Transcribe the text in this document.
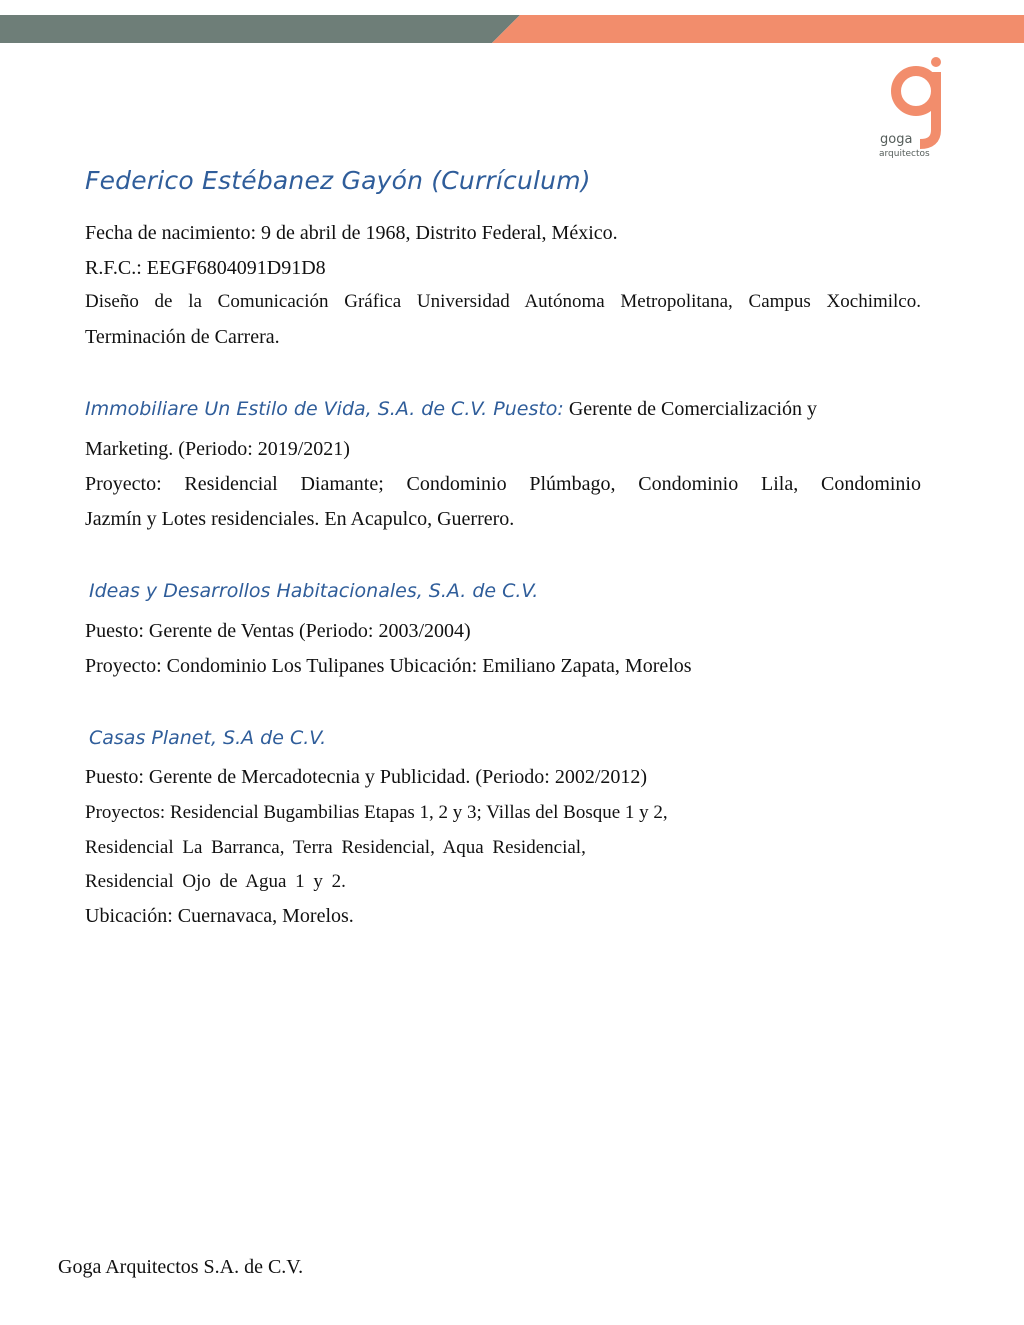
goga
arquitectos
Federico Estébanez Gayón (Currículum)
Fecha de nacimiento: 9 de abril de 1968, Distrito Federal, México.
R.F.C.: EEGF6804091D91D8
Diseño de la Comunicación Gráfica Universidad Autónoma Metropolitana, Campus Xochimilco.
Terminación de Carrera.
Immobiliare Un Estilo de Vida, S.A. de C.V. Puesto: Gerente de Comercialización y
Marketing. (Periodo: 2019/2021)
Proyecto: Residencial Diamante; Condominio Plúmbago, Condominio Lila, Condominio
Jazmín y Lotes residenciales. En Acapulco, Guerrero.
Ideas y Desarrollos Habitacionales, S.A. de C.V.
Puesto: Gerente de Ventas (Periodo: 2003/2004)
Proyecto: Condominio Los Tulipanes Ubicación: Emiliano Zapata, Morelos
Casas Planet, S.A de C.V.
Puesto: Gerente de Mercadotecnia y Publicidad. (Periodo: 2002/2012)
Proyectos: Residencial Bugambilias Etapas 1, 2 y 3; Villas del Bosque 1 y 2,
Residencial La Barranca, Terra Residencial, Aqua Residencial,
Residencial Ojo de Agua 1 y 2.
Ubicación: Cuernavaca, Morelos.
Goga Arquitectos S.A. de C.V.
